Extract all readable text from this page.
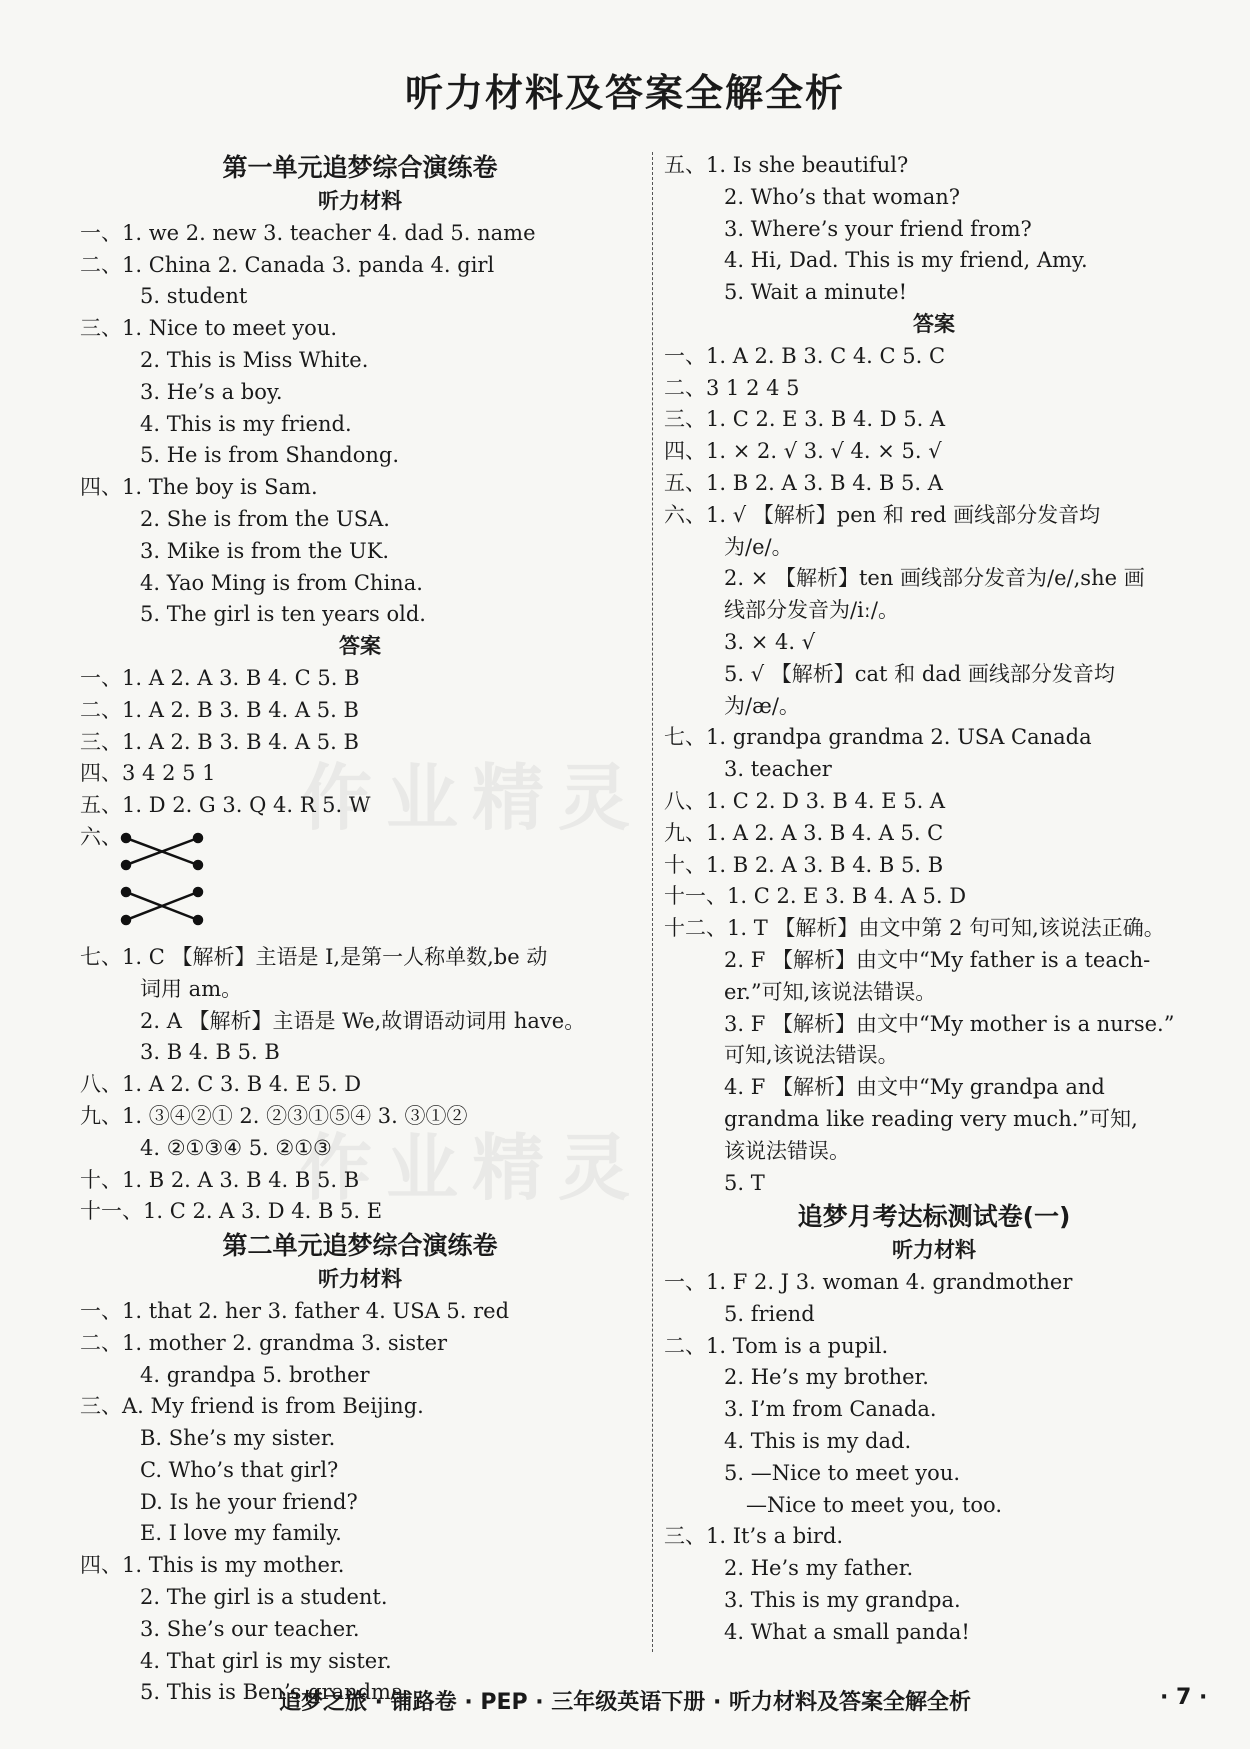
听力材料及答案全解全析
作业精灵
作业精灵
第一单元追梦综合演练卷
听力材料
一、1. we 2. new 3. teacher 4. dad 5. name
二、1. China 2. Canada 3. panda 4. girl
5. student
三、1. Nice to meet you.
2. This is Miss White.
3. He’s a boy.
4. This is my friend.
5. He is from Shandong.
四、1. The boy is Sam.
2. She is from the USA.
3. Mike is from the UK.
4. Yao Ming is from China.
5. The girl is ten years old.
答案
一、1. A 2. A 3. B 4. C 5. B
二、1. A 2. B 3. B 4. A 5. B
三、1. A 2. B 3. B 4. A 5. B
四、3 4 2 5 1
五、1. D 2. G 3. Q 4. R 5. W
六、
七、1. C 【解析】主语是 I,是第一人称单数,be 动
词用 am。
2. A 【解析】主语是 We,故谓语动词用 have。
3. B 4. B 5. B
八、1. A 2. C 3. B 4. E 5. D
九、1. ③④②① 2. ②③①⑤④ 3. ③①②
4. ②①③④ 5. ②①③
十、1. B 2. A 3. B 4. B 5. B
十一、1. C 2. A 3. D 4. B 5. E
第二单元追梦综合演练卷
听力材料
一、1. that 2. her 3. father 4. USA 5. red
二、1. mother 2. grandma 3. sister
4. grandpa 5. brother
三、A. My friend is from Beijing.
B. She’s my sister.
C. Who’s that girl?
D. Is he your friend?
E. I love my family.
四、1. This is my mother.
2. The girl is a student.
3. She’s our teacher.
4. That girl is my sister.
5. This is Ben’s grandma.
五、1. Is she beautiful?
2. Who’s that woman?
3. Where’s your friend from?
4. Hi, Dad. This is my friend, Amy.
5. Wait a minute!
答案
一、1. A 2. B 3. C 4. C 5. C
二、3 1 2 4 5
三、1. C 2. E 3. B 4. D 5. A
四、1. × 2. √ 3. √ 4. × 5. √
五、1. B 2. A 3. B 4. B 5. A
六、1. √ 【解析】pen 和 red 画线部分发音均
为/e/。
2. × 【解析】ten 画线部分发音为/e/,she 画
线部分发音为/iː/。
3. × 4. √
5. √ 【解析】cat 和 dad 画线部分发音均
为/æ/。
七、1. grandpa grandma 2. USA Canada
3. teacher
八、1. C 2. D 3. B 4. E 5. A
九、1. A 2. A 3. B 4. A 5. C
十、1. B 2. A 3. B 4. B 5. B
十一、1. C 2. E 3. B 4. A 5. D
十二、1. T 【解析】由文中第 2 句可知,该说法正确。
2. F 【解析】由文中“My father is a teach-
er.”可知,该说法错误。
3. F 【解析】由文中“My mother is a nurse.”
可知,该说法错误。
4. F 【解析】由文中“My grandpa and
grandma like reading very much.”可知,
该说法错误。
5. T
追梦月考达标测试卷(一)
听力材料
一、1. F 2. J 3. woman 4. grandmother
5. friend
二、1. Tom is a pupil.
2. He’s my brother.
3. I’m from Canada.
4. This is my dad.
5. —Nice to meet you.
—Nice to meet you, too.
三、1. It’s a bird.
2. He’s my father.
3. This is my grandpa.
4. What a small panda!
追梦之旅 · 铺路卷 · PEP · 三年级英语下册 · 听力材料及答案全解全析	· 7 ·
